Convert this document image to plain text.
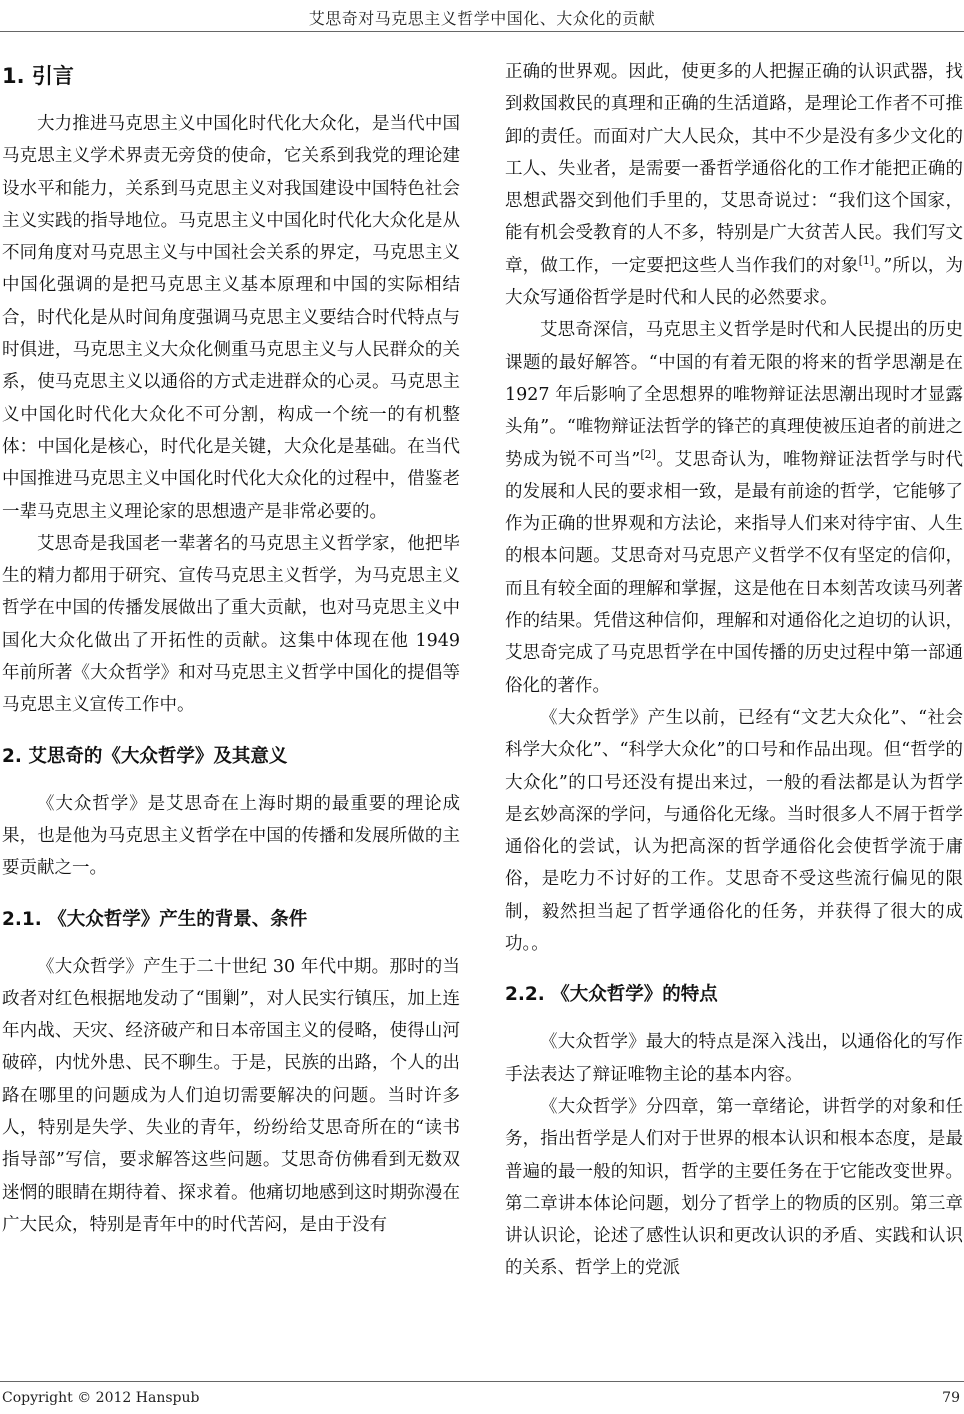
艾思奇对马克思主义哲学中国化、大众化的贡献
1. 引言

大力推进马克思主义中国化时代化大众化，是当代中国马克思主义学术界责无旁贷的使命，它关系到我党的理论建设水平和能力，关系到马克思主义对我国建设中国特色社会主义实践的指导地位。马克思主义中国化时代化大众化是从不同角度对马克思主义与中国社会关系的界定，马克思主义中国化强调的是把马克思主义基本原理和中国的实际相结合，时代化是从时间角度强调马克思主义要结合时代特点与时俱进，马克思主义大众化侧重马克思主义与人民群众的关系，使马克思主义以通俗的方式走进群众的心灵。马克思主义中国化时代化大众化不可分割，构成一个统一的有机整体：中国化是核心，时代化是关键，大众化是基础。在当代中国推进马克思主义中国化时代化大众化的过程中，借鉴老一辈马克思主义理论家的思想遗产是非常必要的。

艾思奇是我国老一辈著名的马克思主义哲学家，他把毕生的精力都用于研究、宣传马克思主义哲学，为马克思主义哲学在中国的传播发展做出了重大贡献，也对马克思主义中国化大众化做出了开拓性的贡献。这集中体现在他 1949 年前所著《大众哲学》和对马克思主义哲学中国化的提倡等马克思主义宣传工作中。

2. 艾思奇的《大众哲学》及其意义

《大众哲学》是艾思奇在上海时期的最重要的理论成果，也是他为马克思主义哲学在中国的传播和发展所做的主要贡献之一。

2.1. 《大众哲学》产生的背景、条件

《大众哲学》产生于二十世纪 30 年代中期。那时的当政者对红色根据地发动了“围剿”，对人民实行镇压，加上连年内战、天灾、经济破产和日本帝国主义的侵略，使得山河破碎，内忧外患、民不聊生。于是，民族的出路，个人的出路在哪里的问题成为人们迫切需要解决的问题。当时许多人，特别是失学、失业的青年，纷纷给艾思奇所在的“读书指导部”写信，要求解答这些问题。艾思奇仿佛看到无数双迷惘的眼睛在期待着、探求着。他痛切地感到这时期弥漫在广大民众，特别是青年中的时代苦闷，是由于没有

正确的世界观。因此，使更多的人把握正确的认识武器，找到救国救民的真理和正确的生活道路，是理论工作者不可推卸的责任。而面对广大人民众，其中不少是没有多少文化的工人、失业者，是需要一番哲学通俗化的工作才能把正确的思想武器交到他们手里的，艾思奇说过：“我们这个国家，能有机会受教育的人不多，特别是广大贫苦人民。我们写文章，做工作，一定要把这些人当作我们的对象[1]。”所以，为大众写通俗哲学是时代和人民的必然要求。

艾思奇深信，马克思主义哲学是时代和人民提出的历史课题的最好解答。“中国的有着无限的将来的哲学思潮是在 1927 年后影响了全思想界的唯物辩证法思潮出现时才显露头角”。“唯物辩证法哲学的锋芒的真理使被压迫者的前进之势成为锐不可当”[2]。艾思奇认为，唯物辩证法哲学与时代的发展和人民的要求相一致，是最有前途的哲学，它能够了作为正确的世界观和方法论，来指导人们来对待宇宙、人生的根本问题。艾思奇对马克思产义哲学不仅有坚定的信仰，而且有较全面的理解和掌握，这是他在日本刻苦攻读马列著作的结果。凭借这种信仰，理解和对通俗化之迫切的认识，艾思奇完成了马克思哲学在中国传播的历史过程中第一部通俗化的著作。

《大众哲学》产生以前，已经有“文艺大众化”、“社会科学大众化”、“科学大众化”的口号和作品出现。但“哲学的大众化”的口号还没有提出来过，一般的看法都是认为哲学是玄妙高深的学问，与通俗化无缘。当时很多人不屑于哲学通俗化的尝试，认为把高深的哲学通俗化会使哲学流于庸俗，是吃力不讨好的工作。艾思奇不受这些流行偏见的限制，毅然担当起了哲学通俗化的任务，并获得了很大的成功。。

2.2. 《大众哲学》的特点

《大众哲学》最大的特点是深入浅出，以通俗化的写作手法表达了辩证唯物主论的基本内容。

《大众哲学》分四章，第一章绪论，讲哲学的对象和任务，指出哲学是人们对于世界的根本认识和根本态度，是最普遍的最一般的知识，哲学的主要任务在于它能改变世界。第二章讲本体论问题，划分了哲学上的物质的区别。第三章讲认识论，论述了感性认识和更改认识的矛盾、实践和认识的关系、哲学上的党派

Copyright © 2012 Hanspub	79
